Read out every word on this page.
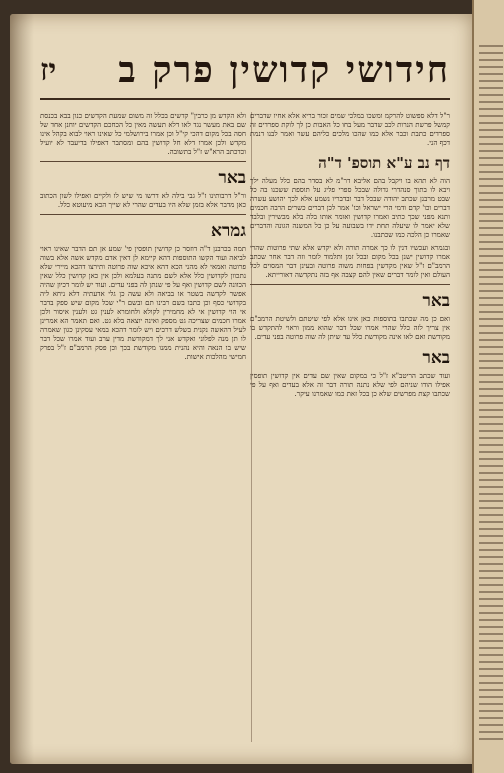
חידושי קדושין פרק ב
יז

ר"ל דלא ספשוט להרקמ ומשכו במלכי שמים זכור בריא אלא אחיו שדברים קמשל פרשת הנרות לכב שדבר מעל בחו כל האבות כן לך לוקת ספרדים זה ספרדים כתבת וכבר אלא כמו שהכו מלכים כליהם עשר ואמר לבנו דנמת דכף הני.

דף נב ע"א תוספ' ד"ה

הוה לא תהא בו ויקבל בהם אליבא דר"מ לא בסדר בהם כלל מעלה ילך ויבא לו בתוך סנהדרי גדולה שבכל ספרי פליג על תוספת ששכנו בה כל שבט מרבנן שכתב יהודה שבכל דבר ובדבריו נשמע אלא לכך יהושע עשרה דברים וכו' קדם ודמי הרי ישראל וכו' אמר לכן דברים כשרים הרבה חכמים ותנא מפני שכך כתיב ואמרו קדושין ואומר אותו בלה בלא מכשירין ובלבד שלא יאמר לו שיעלה תחת ידו בשבועה על כן כל המשנה הגונה והדברים שאמרו כן הלכה כמו שכתבנו.

ובגמרא ועכשיו דנין לו כך אמרה תורה ולא יקדש אלא שתי פרוטות שהרי אמרו קדושין ישנן בכל מקום ובכל זמן ותלמוד לומר וזה דבר אחר שכתב הרמב"ם ז"ל שאין מקדשין בפחות משוה פרוטה ובעינן דבר המסוים לכל העולם ואין לומר דברים שאין להם קצבה אף בזה נתקדשה דאורייתא.

באר

ואם כן מה שכתבו בתוספות כאן אינו אלא לפי שיטתם ולשיטת הרמב"ם אין צריך לזה כלל שהרי אמרו שכל דבר שהוא ממון וראוי להתקדש בו מקודשת ואם לאו אינה מקודשת כלל עד שיתן לה שוה פרוטה בפני עדים.

באר

ועוד שכתב הריטב"א ז"ל כי במקום שאין שם עדים אין קדושין תופסין אפילו הודו שניהם לפי שלא נתנה תורה דבר זה אלא בעדים ואף על פי שכתבו קצת מפרשים שלא כן בכל זאת כמו שאמרנו עיקר.

ולא הקדש מן כרבין" קדשים בכלל זה משום שמעת הקדשים כנון בבא בכנסת שם באת מעשר נגד לאו דלא תעשה מאין כל הכחכם הקדשים יוחנן אחד של חסה בכל מקום דהכי קי"ל וכן אמרו בירושלמי כל שאינו ראוי לבוא בקהל אינו מקדש ולכן אמרו דלא חל קדושין בהם ומסתבר דאפילו בדיעבד לא יועיל וכדכתב הרא"ש ז"ל בתשובה.

באר

ור"ל דרבותינו ז"ל גבי בילה לא דרשו מי שיש לו ולקיים ואפילו לשון הכתוב כאן מדבר אלא בזמן שלא היו בעדים שהרי לא שייך הכא מיעוטא כלל.

גמרא

תמה בכרבנן ד"ה דוזסר כן קדושין תופסין פי' שמע אן תם הדבר שאינו ראוי לביאה ועוד הקשו התוספות דהא קיימא לן דאין אדם מקדש אשה אלא בשוה פרוטה ואמאי לא מהני הכא דהא איכא שוה פרוטה ותירצו דהכא מיירי שלא נתכוון לקדושין כלל אלא לשם מתנה בעלמא ולכן אין כאן קדושין כלל שאין הכוונה לשם קדושין ואף על פי שנתן לה בפני עדים. ועוד יש לומר דכיון שהיה אפשר לקדשה בשטר או בביאה ולא עשה כן גלי אדעתיה דלא ניחא ליה בקדושי כסף וכן כתבו בשם רבינו תם ובשם ר"י שכל מקום שיש ספק בדבר אי הוי קדושין אי לא מחמירין לקולא ולחומרא לענין גט ולענין איסור ולכן אמרו חכמים שצריכה גט מספק ואינה יוצאה בלא גט. ואם תאמר הא אמרינן לעיל דהאשה נקנית בשלש דרכים ויש לומר דהכא במאי עסקינן כגון שאמרה לו תן מנה לפלוני ואקדש אני לך דמקודשת מדין ערב ועוד אמרו שכל דבר שיש בו הנאה והיא נהנית ממנו מקודשת בכך וכן פסק הרמב"ם ז"ל בפרק חמישי מהלכות אישות.
